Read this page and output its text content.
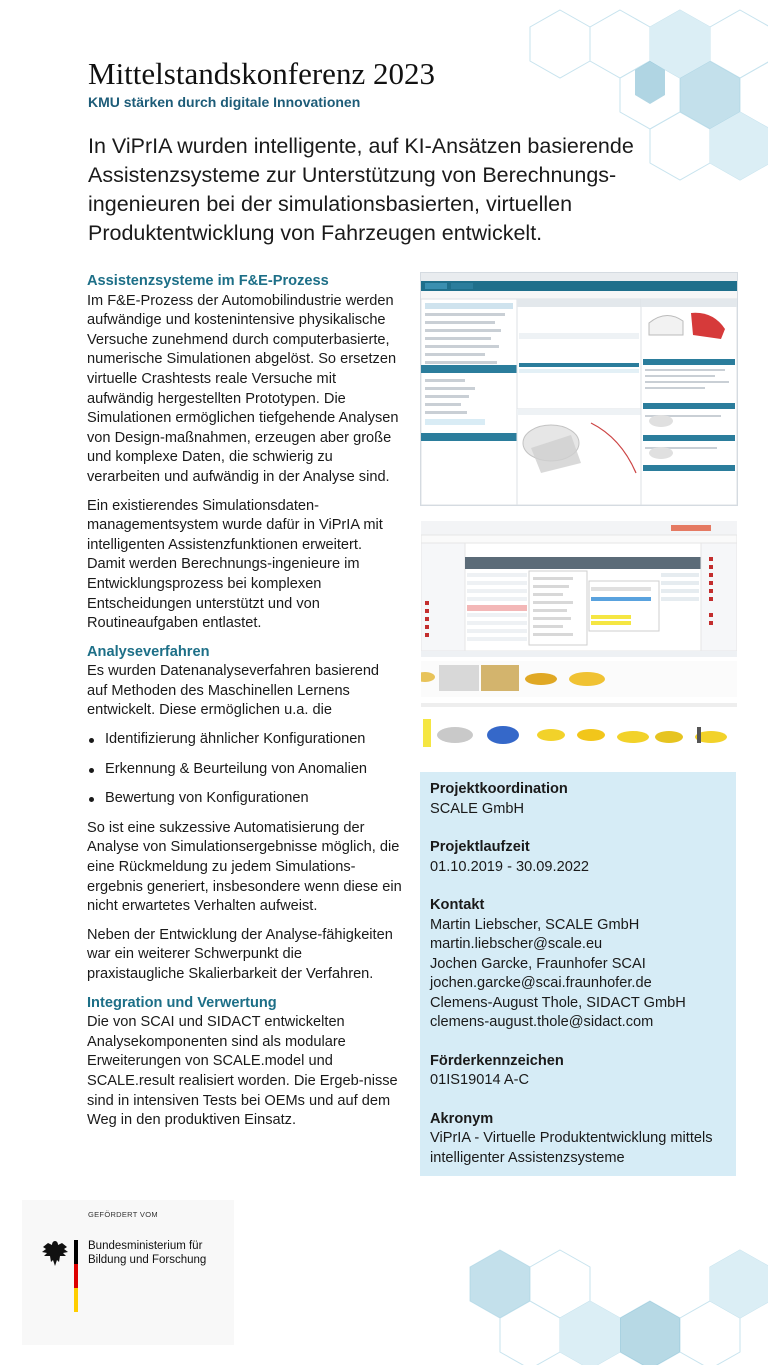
Mittelstandskonferenz 2023

KMU stärken durch digitale Innovationen

In ViPrIA wurden intelligente, auf KI-Ansätzen basierende Assistenzsysteme zur Unterstützung von Berechnungs-ingenieuren bei der simulationsbasierten, virtuellen Produktentwicklung von Fahrzeugen entwickelt.

Assistenzsysteme im F&E-Prozess

Im F&E-Prozess der Automobilindustrie werden aufwändige und kostenintensive physikalische Versuche zunehmend durch computerbasierte, numerische Simulationen abgelöst. So ersetzen virtuelle Crashtests reale Versuche mit aufwändig hergestellten Prototypen. Die Simulationen ermöglichen tiefgehende Analysen von Design-maßnahmen, erzeugen aber große und komplexe Daten, die schwierig zu verarbeiten und aufwändig in der Analyse sind.

Ein existierendes Simulationsdaten-managementsystem wurde dafür in ViPrIA mit intelligenten Assistenzfunktionen erweitert. Damit werden Berechnungs-ingenieure im Entwicklungsprozess bei komplexen Entscheidungen unterstützt und von Routineaufgaben entlastet.

Analyseverfahren

Es wurden Datenanalyseverfahren basierend auf Methoden des Maschinellen Lernens entwickelt. Diese ermöglichen u.a. die

Identifizierung ähnlicher Konfigurationen
Erkennung & Beurteilung von Anomalien
Bewertung von Konfigurationen

So ist eine sukzessive Automatisierung der Analyse von Simulationsergebnisse möglich, die eine Rückmeldung zu jedem Simulations-ergebnis generiert, insbesondere wenn diese ein nicht erwartetes Verhalten aufweist.

Neben der Entwicklung der Analyse-fähigkeiten war ein weiterer Schwerpunkt die praxistaugliche Skalierbarkeit der Verfahren.

Integration und Verwertung

Die von SCAI und SIDACT entwickelten Analysekomponenten sind als modulare Erweiterungen von SCALE.model und SCALE.result realisiert worden. Die Ergeb-nisse sind in intensiven Tests bei OEMs und auf dem Weg in den produktiven Einsatz.

Projektkoordination

SCALE GmbH

Projektlaufzeit

01.10.2019 - 30.09.2022

Kontakt

Martin Liebscher, SCALE GmbH

martin.liebscher@scale.eu

Jochen Garcke, Fraunhofer SCAI

jochen.garcke@scai.fraunhofer.de

Clemens-August Thole, SIDACT GmbH

clemens-august.thole@sidact.com

Förderkennzeichen

01IS19014 A-C

Akronym

ViPrIA - Virtuelle Produktentwicklung mittels intelligenter Assistenzsysteme

GEFÖRDERT VOM

Bundesministerium für Bildung und Forschung
